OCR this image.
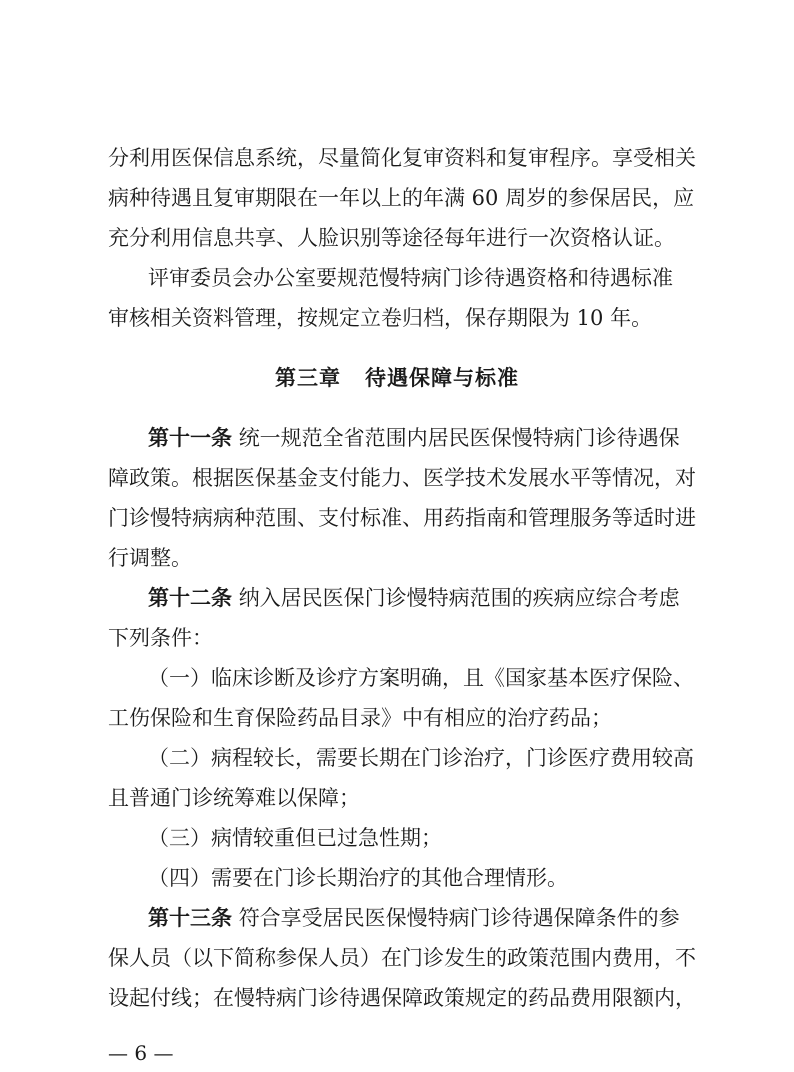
分利用医保信息系统，尽量简化复审资料和复审程序。享受相关
病种待遇且复审期限在一年以上的年满 60 周岁的参保居民，应
充分利用信息共享、人脸识别等途径每年进行一次资格认证。
评审委员会办公室要规范慢特病门诊待遇资格和待遇标准
审核相关资料管理，按规定立卷归档，保存期限为 10 年。
第三章 待遇保障与标准
第十一条 统一规范全省范围内居民医保慢特病门诊待遇保
障政策。根据医保基金支付能力、医学技术发展水平等情况，对
门诊慢特病病种范围、支付标准、用药指南和管理服务等适时进
行调整。
第十二条 纳入居民医保门诊慢特病范围的疾病应综合考虑
下列条件：
（一）临床诊断及诊疗方案明确，且《国家基本医疗保险、
工伤保险和生育保险药品目录》中有相应的治疗药品；
（二）病程较长，需要长期在门诊治疗，门诊医疗费用较高
且普通门诊统筹难以保障；
（三）病情较重但已过急性期；
（四）需要在门诊长期治疗的其他合理情形。
第十三条 符合享受居民医保慢特病门诊待遇保障条件的参
保人员（以下简称参保人员）在门诊发生的政策范围内费用，不
设起付线；在慢特病门诊待遇保障政策规定的药品费用限额内，
— 6 —
